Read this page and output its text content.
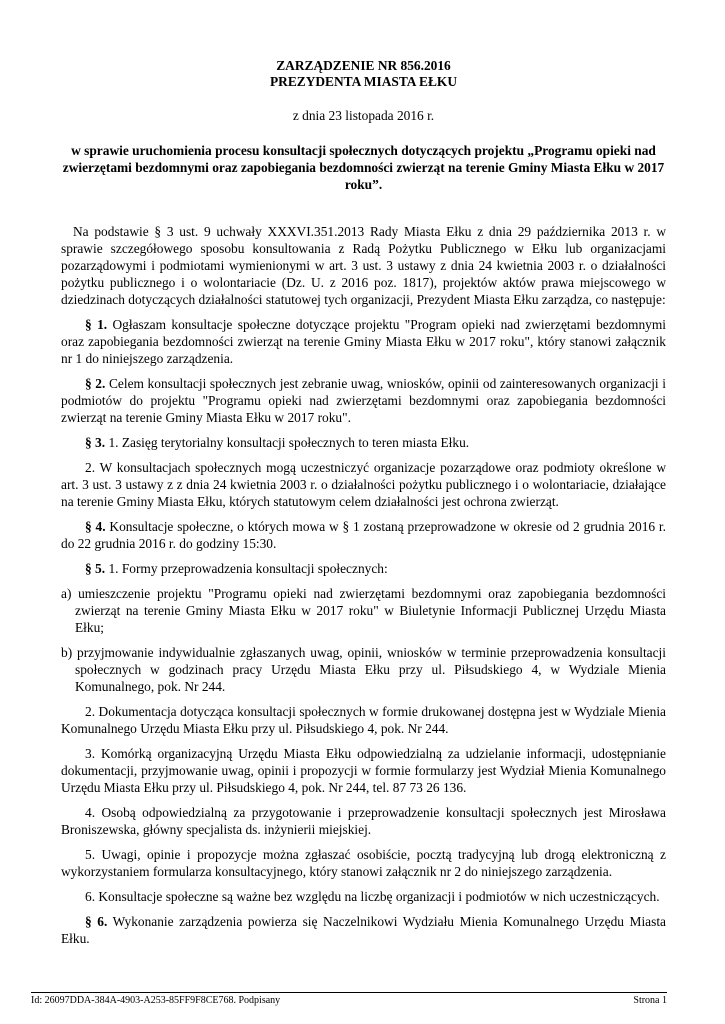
ZARZĄDZENIE NR 856.2016
PREZYDENTA MIASTA EŁKU
z dnia 23 listopada 2016 r.
w sprawie uruchomienia procesu konsultacji społecznych dotyczących projektu „Programu opieki nad zwierzętami bezdomnymi oraz zapobiegania bezdomności zwierząt na terenie Gminy Miasta Ełku w 2017 roku”.

Na podstawie § 3 ust. 9 uchwały XXXVI.351.2013 Rady Miasta Ełku z dnia 29 października 2013 r. w sprawie szczegółowego sposobu konsultowania z Radą Pożytku Publicznego w Ełku lub organizacjami pozarządowymi i podmiotami wymienionymi w art. 3 ust. 3 ustawy z dnia 24 kwietnia 2003 r. o działalności pożytku publicznego i o wolontariacie (Dz. U. z 2016 poz. 1817), projektów aktów prawa miejscowego w dziedzinach dotyczących działalności statutowej tych organizacji, Prezydent Miasta Ełku zarządza, co następuje:

§ 1. Ogłaszam konsultacje społeczne dotyczące projektu "Program opieki nad zwierzętami bezdomnymi oraz zapobiegania bezdomności zwierząt na terenie Gminy Miasta Ełku w 2017 roku", który stanowi załącznik nr 1 do niniejszego zarządzenia.

§ 2. Celem konsultacji społecznych jest zebranie uwag, wniosków, opinii od zainteresowanych organizacji i podmiotów do projektu "Programu opieki nad zwierzętami bezdomnymi oraz zapobiegania bezdomności zwierząt na terenie Gminy Miasta Ełku w 2017 roku".

§ 3. 1. Zasięg terytorialny konsultacji społecznych to teren miasta Ełku.

2. W konsultacjach społecznych mogą uczestniczyć organizacje pozarządowe oraz podmioty określone w art. 3 ust. 3 ustawy z z dnia 24 kwietnia 2003 r. o działalności pożytku publicznego i o wolontariacie, działające na terenie Gminy Miasta Ełku, których statutowym celem działalności jest ochrona zwierząt.

§ 4. Konsultacje społeczne, o których mowa w § 1 zostaną przeprowadzone w okresie od 2 grudnia 2016 r. do 22 grudnia 2016 r. do godziny 15:30.

§ 5. 1. Formy przeprowadzenia konsultacji społecznych:

a) umieszczenie projektu "Programu opieki nad zwierzętami bezdomnymi oraz zapobiegania bezdomności zwierząt na terenie Gminy Miasta Ełku w 2017 roku" w Biuletynie Informacji Publicznej Urzędu Miasta Ełku;

b) przyjmowanie indywidualnie zgłaszanych uwag, opinii, wniosków w terminie przeprowadzenia konsultacji społecznych w godzinach pracy Urzędu Miasta Ełku przy ul. Piłsudskiego 4, w Wydziale Mienia Komunalnego, pok. Nr 244.

2. Dokumentacja dotycząca konsultacji społecznych w formie drukowanej dostępna jest w Wydziale Mienia Komunalnego Urzędu Miasta Ełku przy ul. Piłsudskiego 4, pok. Nr 244.

3. Komórką organizacyjną Urzędu Miasta Ełku odpowiedzialną za udzielanie informacji, udostępnianie dokumentacji, przyjmowanie uwag, opinii i propozycji w formie formularzy jest Wydział Mienia Komunalnego Urzędu Miasta Ełku przy ul. Piłsudskiego 4, pok. Nr 244, tel. 87 73 26 136.

4. Osobą odpowiedzialną za przygotowanie i przeprowadzenie konsultacji społecznych jest Mirosława Broniszewska, główny specjalista ds. inżynierii miejskiej.

5. Uwagi, opinie i propozycje można zgłaszać osobiście, pocztą tradycyjną lub drogą elektroniczną z wykorzystaniem formularza konsultacyjnego, który stanowi załącznik nr 2 do niniejszego zarządzenia.

6. Konsultacje społeczne są ważne bez względu na liczbę organizacji i podmiotów w nich uczestniczących.

§ 6. Wykonanie zarządzenia powierza się Naczelnikowi Wydziału Mienia Komunalnego Urzędu Miasta Ełku.

Id: 26097DDA-384A-4903-A253-85FF9F8CE768. Podpisany	Strona 1
